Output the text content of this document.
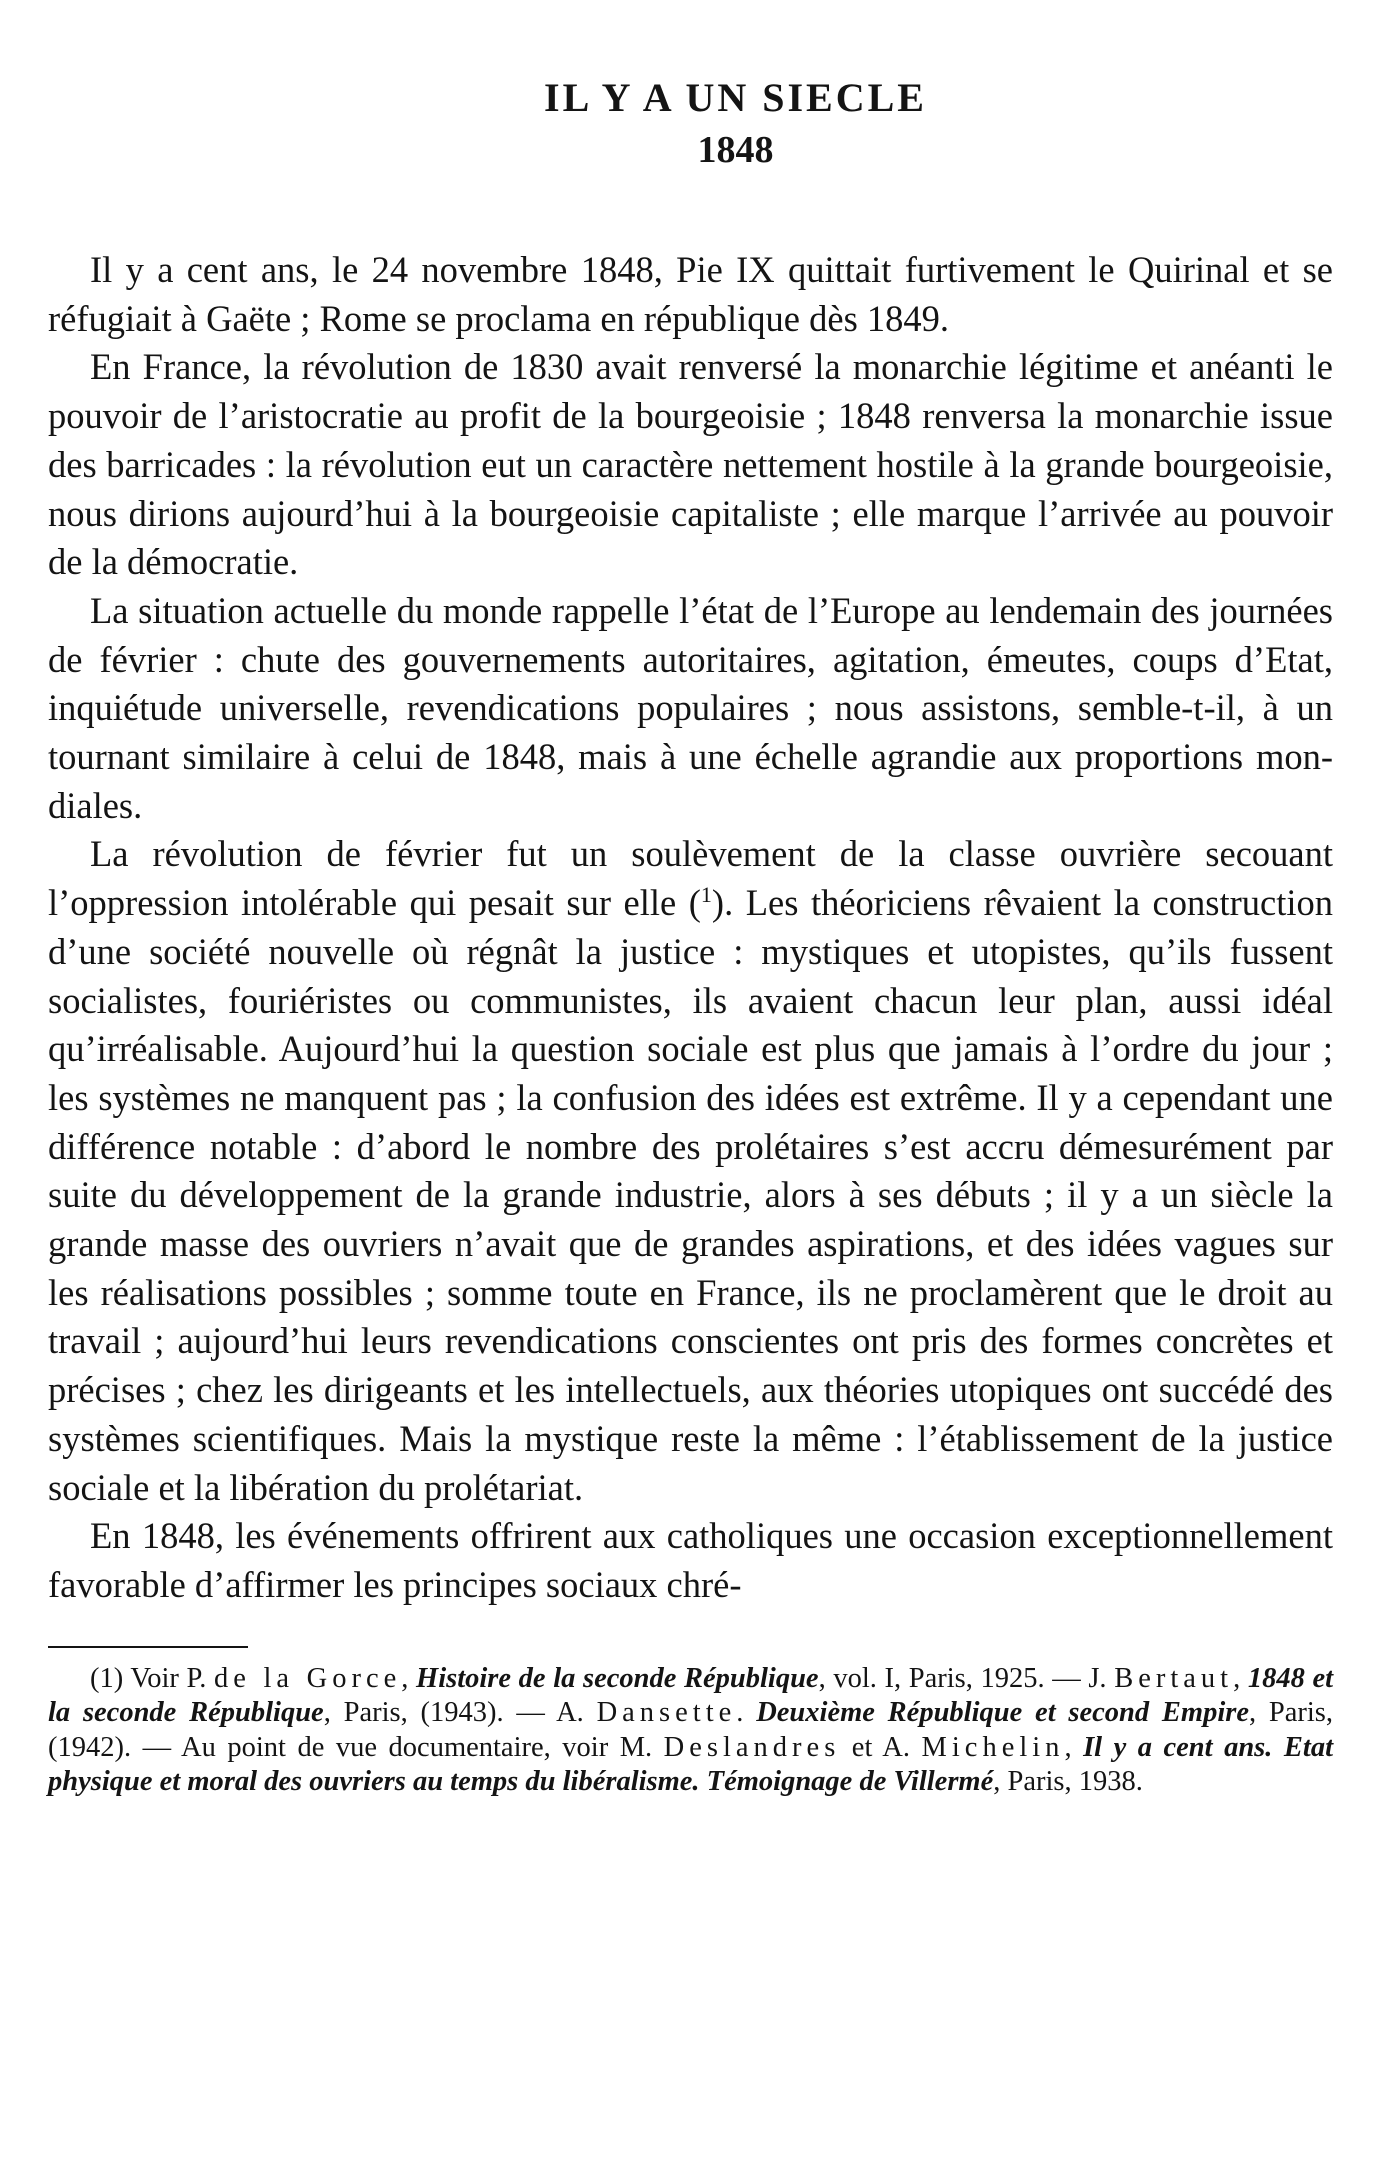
IL Y A UN SIECLE
1848

Il y a cent ans, le 24 novembre 1848, Pie IX quittait furtivement le Quirinal et se réfugiait à Gaëte ; Rome se proclama en république dès 1849.

En France, la révolution de 1830 avait renversé la monarchie légitime et anéanti le pouvoir de l’aristocratie au profit de la bourgeoisie ; 1848 renversa la monarchie issue des barricades : la révolution eut un caractère nettement hostile à la grande bourgeoisie, nous dirions aujourd’hui à la bourgeoisie capitaliste ; elle marque l’arrivée au pouvoir de la démocratie.

La situation actuelle du monde rappelle l’état de l’Europe au lendemain des journées de février : chute des gouvernements autoritaires, agitation, émeutes, coups d’Etat, inquiétude universelle, revendications populaires ; nous assistons, semble-t-il, à un tournant similaire à celui de 1848, mais à une échelle agrandie aux proportions mondiales.

La révolution de février fut un soulèvement de la classe ouvrière secouant l’oppression intolérable qui pesait sur elle ($^1$). Les théoriciens rêvaient la construction d’une société nouvelle où régnât la justice : mystiques et utopistes, qu’ils fussent socialistes, fouriéristes ou communistes, ils avaient chacun leur plan, aussi idéal qu’irréalisable. Aujourd’hui la question sociale est plus que jamais à l’ordre du jour ; les systèmes ne manquent pas ; la confusion des idées est extrême. Il y a cependant une différence notable : d’abord le nombre des prolétaires s’est accru démesurément par suite du développement de la grande industrie, alors à ses débuts ; il y a un siècle la grande masse des ouvriers n’avait que de grandes aspirations, et des idées vagues sur les réalisations possibles ; somme toute en France, ils ne proclamèrent que le droit au travail ; aujourd’hui leurs revendications conscientes ont pris des formes concrètes et précises ; chez les dirigeants et les intellectuels, aux théories utopiques ont succédé des systèmes scientifiques. Mais la mystique reste la même : l’établissement de la justice sociale et la libération du prolétariat.

En 1848, les événements offrirent aux catholiques une occasion exceptionnellement favorable d’affirmer les principes sociaux chré-

(1) Voir P. de la Gorce, Histoire de la seconde République, vol. I, Paris, 1925. — J. Bertaut, 1848 et la seconde République, Paris, (1943). — A. Dansette. Deuxième République et second Empire, Paris, (1942). — Au point de vue documentaire, voir M. Deslandres et A. Michelin, Il y a cent ans. Etat physique et moral des ouvriers au temps du libéralisme. Témoignage de Villermé, Paris, 1938.
